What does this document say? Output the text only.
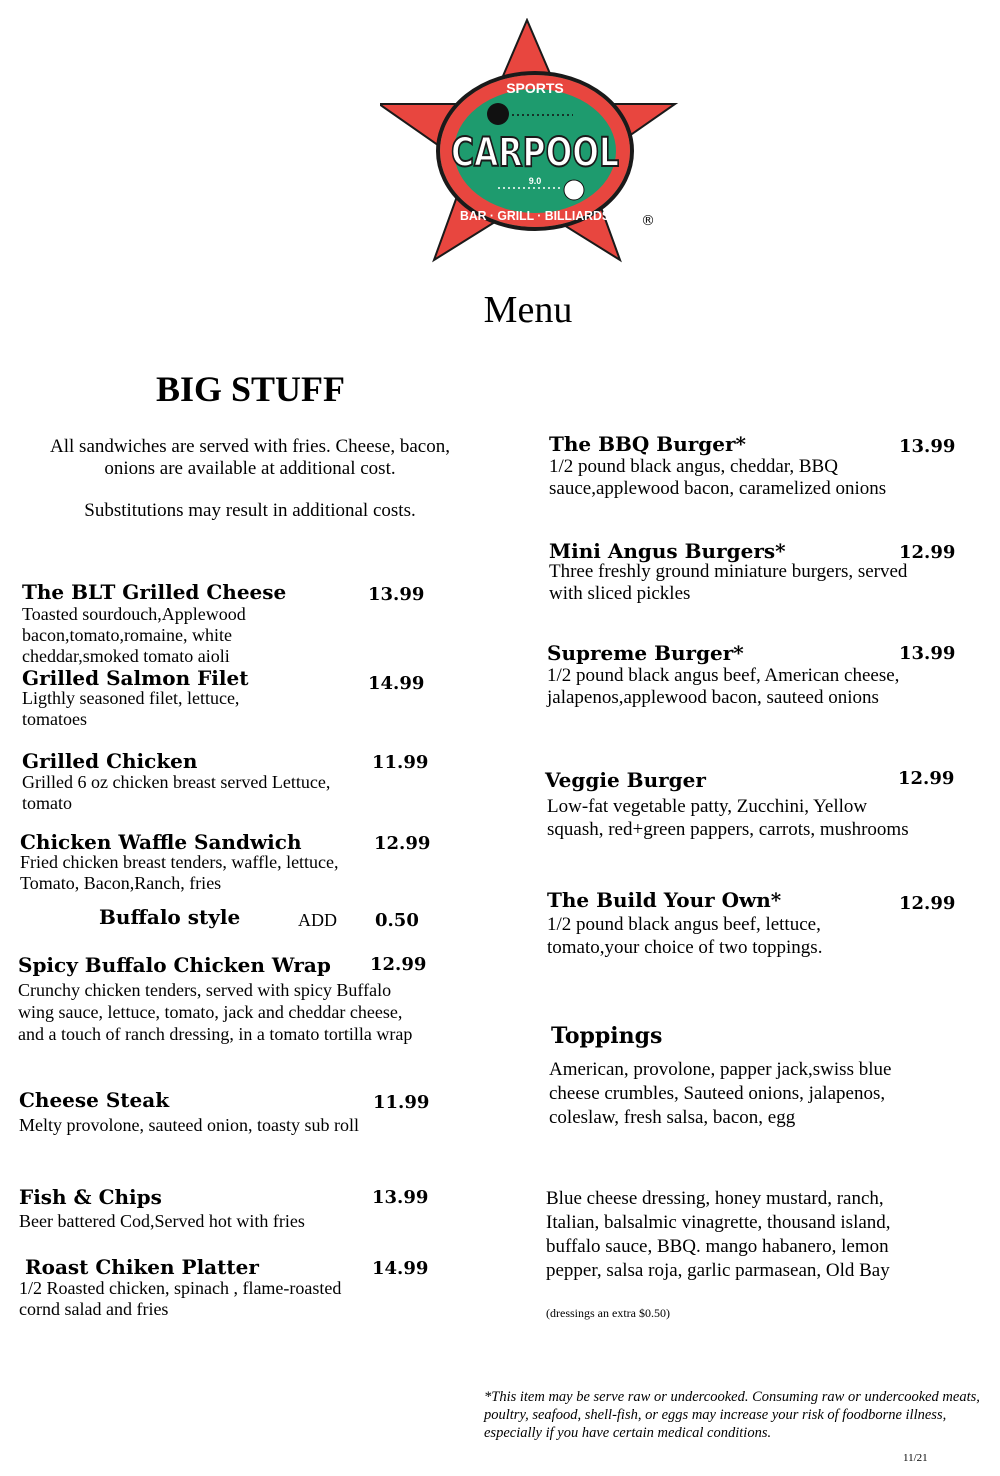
SPORTS
CARPOOL
9.0
BAR · GRILL · BILLIARDS ®
Menu
BIG STUFF

All sandwiches are served with fries. Cheese, bacon, onions are available at additional cost.

Substitutions may result in additional costs.

The BLT Grilled Cheese	13.99
Toasted sourdouch,Applewood bacon,tomato,romaine, white cheddar,smoked tomato aioli
Grilled Salmon Filet	14.99
Ligthly seasoned filet, lettuce, tomatoes
Grilled Chicken	11.99
Grilled 6 oz chicken breast served Lettuce, tomato
Chicken Waffle Sandwich	12.99
Fried chicken breast tenders, waffle, lettuce, Tomato, Bacon,Ranch, fries
Buffalo style	ADD 0.50
Spicy Buffalo Chicken Wrap 12.99
Crunchy chicken tenders, served with spicy Buffalo wing sauce, lettuce, tomato, jack and cheddar cheese, and a touch of ranch dressing, in a tomato tortilla wrap
Cheese Steak	11.99
Melty provolone, sauteed onion, toasty sub roll
Fish & Chips	13.99
Beer battered Cod,Served hot with fries
Roast Chiken Platter	14.99
1/2 Roasted chicken, spinach , flame-roasted cornd salad and fries
The BBQ Burger*	13.99
1/2 pound black angus, cheddar, BBQ sauce,applewood bacon, caramelized onions
Mini Angus Burgers*	12.99
Three freshly ground miniature burgers, served with sliced pickles
Supreme Burger*	13.99
1/2 pound black angus beef, American cheese, jalapenos,applewood bacon, sauteed onions
Veggie Burger	12.99
Low-fat vegetable patty, Zucchini, Yellow squash, red+green pappers, carrots, mushrooms
The Build Your Own*	12.99
1/2 pound black angus beef, lettuce, tomato,your choice of two toppings.
Toppings
American, provolone, papper jack,swiss blue cheese crumbles, Sauteed onions, jalapenos, coleslaw, fresh salsa, bacon, egg
Blue cheese dressing, honey mustard, ranch, Italian, balsalmic vinagrette, thousand island, buffalo sauce, BBQ. mango habanero, lemon pepper, salsa roja, garlic parmasean, Old Bay
(dressings an extra $0.50)
*This item may be serve raw or undercooked. Consuming raw or undercooked meats, poultry, seafood, shell-fish, or eggs may increase your risk of foodborne illness, especially if you have certain medical conditions.
11/21
